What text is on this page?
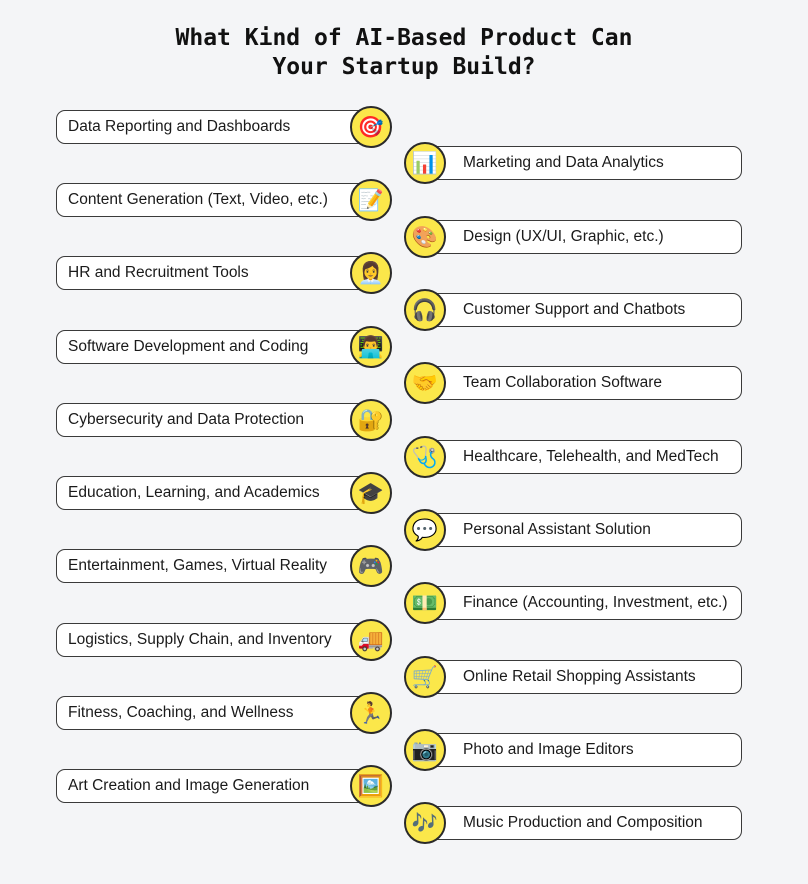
What Kind of AI-Based Product Can
Your Startup Build?
Data Reporting and Dashboards	🎯
Content Generation (Text, Video, etc.)	📝
HR and Recruitment Tools	👩‍💼
Software Development and Coding	👨‍💻
Cybersecurity and Data Protection	🔐
Education, Learning, and Academics	🎓
Entertainment, Games, Virtual Reality	🎮
Logistics, Supply Chain, and Inventory	🚚
Fitness, Coaching, and Wellness	🏃
Art Creation and Image Generation	🖼️
Marketing and Data Analytics
📊
Design (UX/UI, Graphic, etc.)
🎨
Customer Support and Chatbots
🎧
Team Collaboration Software
🤝
Healthcare, Telehealth, and MedTech
🩺
Personal Assistant Solution
💬
Finance (Accounting, Investment, etc.)
💵
Online Retail Shopping Assistants
🛒
Photo and Image Editors
📷
Music Production and Composition
🎶
